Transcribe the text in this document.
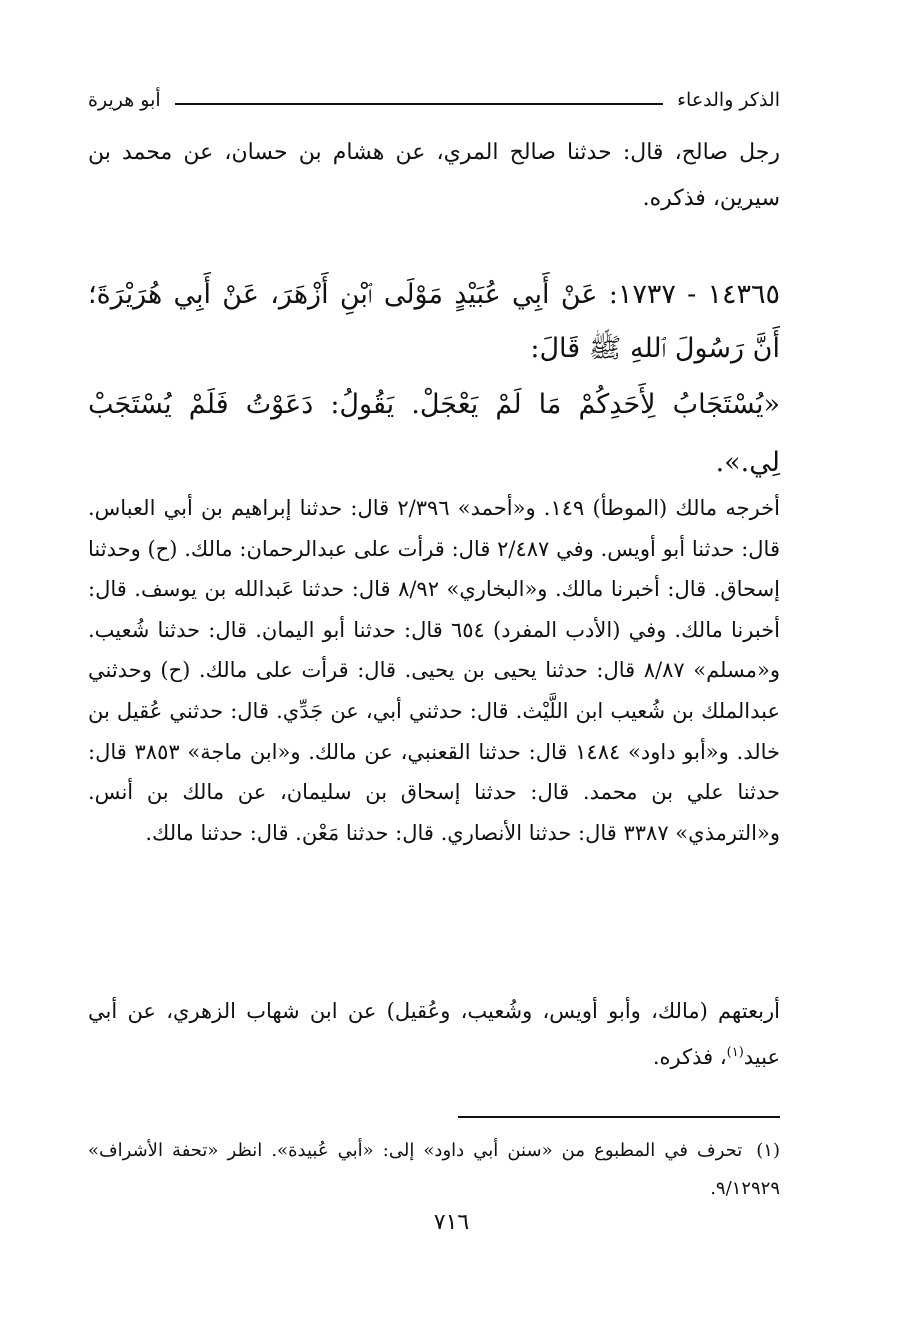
الذكر والدعاء
أبو هريرة
رجل صالح، قال: حدثنا صالح المري، عن هشام بن حسان، عن محمد بن سيرين، فذكره.
١٤٣٦٥ - ١٧٣٧: عَنْ أَبِي عُبَيْدٍ مَوْلَى ٱبْنِ أَزْهَرَ، عَنْ أَبِي هُرَيْرَةَ؛ أَنَّ رَسُولَ ٱللهِ ﷺ قَالَ:
«يُسْتَجَابُ لِأَحَدِكُمْ مَا لَمْ يَعْجَلْ. يَقُولُ: دَعَوْتُ فَلَمْ يُسْتَجَبْ لِي.».
أخرجه مالك (الموطأ) ١٤٩. و«أحمد» ٢/٣٩٦ قال: حدثنا إبراهيم بن أبي العباس. قال: حدثنا أبو أويس. وفي ٢/٤٨٧ قال: قرأت على عبدالرحمان: مالك. (ح) وحدثنا إسحاق. قال: أخبرنا مالك. و«البخاري» ٨/٩٢ قال: حدثنا عَبدالله بن يوسف. قال: أخبرنا مالك. وفي (الأدب المفرد) ٦٥٤ قال: حدثنا أبو اليمان. قال: حدثنا شُعيب. و«مسلم» ٨/٨٧ قال: حدثنا يحيى بن يحيى. قال: قرأت على مالك. (ح) وحدثني عبدالملك بن شُعيب ابن اللَّيْث. قال: حدثني أبي، عن جَدِّي. قال: حدثني عُقيل بن خالد. و«أبو داود» ١٤٨٤ قال: حدثنا القعنبي، عن مالك. و«ابن ماجة» ٣٨٥٣ قال: حدثنا علي بن محمد. قال: حدثنا إسحاق بن سليمان، عن مالك بن أنس. و«الترمذي» ٣٣٨٧ قال: حدثنا الأنصاري. قال: حدثنا مَعْن. قال: حدثنا مالك.
أربعتهم (مالك، وأبو أويس، وشُعيب، وعُقيل) عن ابن شهاب الزهري، عن أبي عبيد$^{(١)}$، فذكره.
(١)تحرف في المطبوع من «سنن أبي داود» إلى: «أبي عُبيدة». انظر «تحفة الأشراف» ٩/١٢٩٢٩.
٧١٦
